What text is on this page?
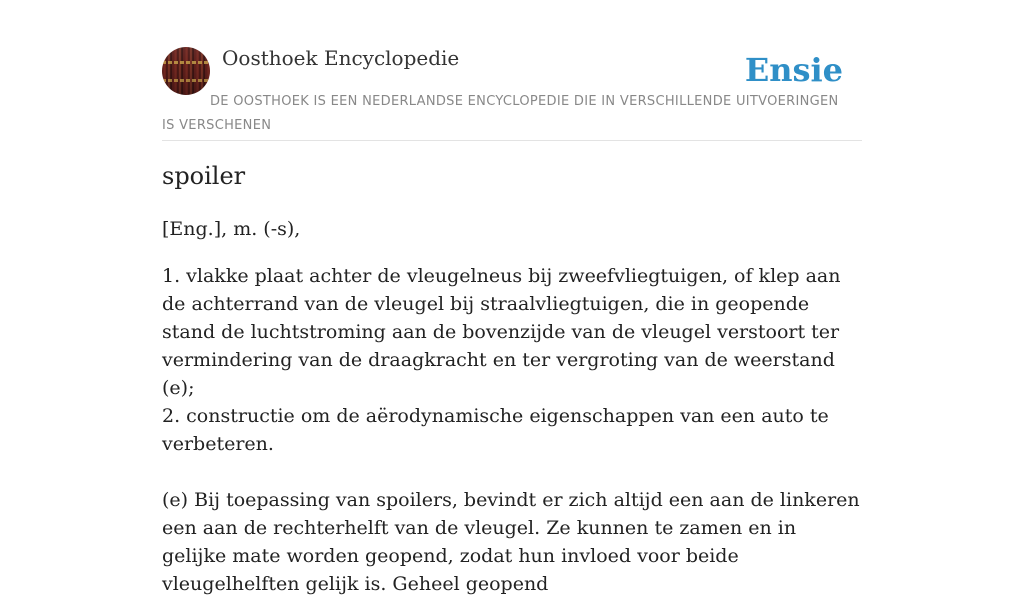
Oosthoek Encyclopedie	Ensie
DE OOSTHOEK IS EEN NEDERLANDSE ENCYCLOPEDIE DIE IN VERSCHILLENDE UITVOERINGEN IS VERSCHENEN
spoiler

[Eng.], m. (-s),

1. vlakke plaat achter de vleugelneus bij zweefvliegtuigen, of klep aan de achterrand van de vleugel bij straalvliegtuigen, die in geopende stand de luchtstroming aan de bovenzijde van de vleugel verstoort ter vermindering van de draagkracht en ter vergroting van de weerstand (e);

2. constructie om de aërodynamische eigenschappen van een auto te verbeteren.

(e) Bij toepassing van spoilers, bevindt er zich altijd een aan de linkeren een aan de rechterhelft van de vleugel. Ze kunnen te zamen en in gelijke mate worden geopend, zodat hun invloed voor beide vleugelhelften gelijk is. Geheel geopend
